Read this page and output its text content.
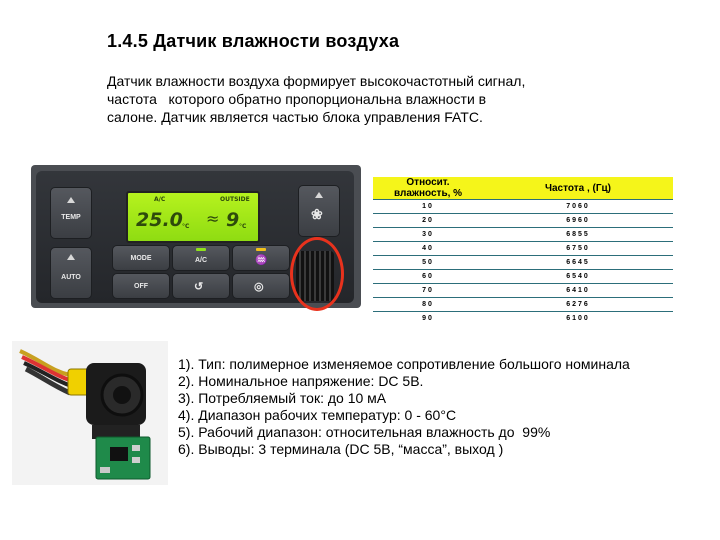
1.4.5 Датчик влажности воздуха
Датчик влажности воздуха формирует высокочастотный сигнал,
частота   которого обратно пропорциональна влажности в
салоне. Датчик является частью блока управления FATC.
TEMP
AUTO
A/C	OUTSIDE
25.0 °C ≈ 9 °C
❀
MODE	A/C	♒
OFF	↺	◎
Относит. влажность, %	Частота , (Гц)
10	7060
20	6960
30	6855
40	6750
50	6645
60	6540
70	6410
80	6276
90	6100
1). Тип: полимерное изменяемое сопротивление большого номинала
2). Номинальное напряжение: DC 5В.
3). Потребляемый ток: до 10 мА
4). Диапазон рабочих температур: 0 - 60°C
5). Рабочий диапазон: относительная влажность до  99%
6). Выводы: 3 терминала (DC 5В, “масса”, выход )
